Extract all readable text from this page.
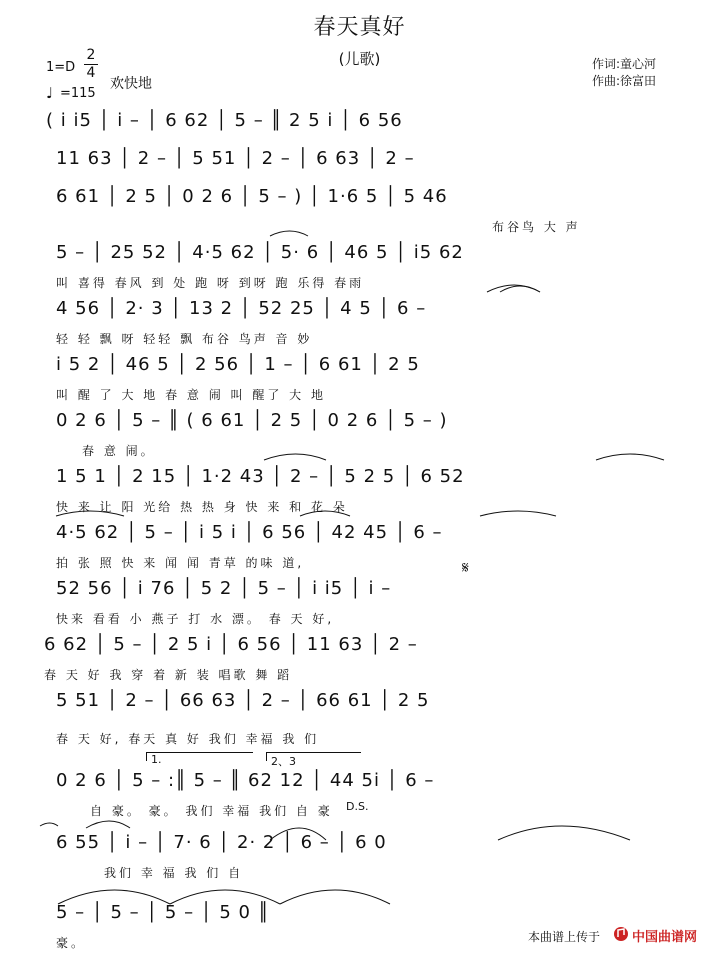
春天真好
(儿歌)
1=D
2
4
♩ =115
欢快地
作词:童心河
作曲:徐富田
( i i5 │ i – │ 6 62 │ 5 – ║ 2 5 i │ 6 56
11 63 │ 2 – │ 5 51 │ 2 – │ 6 63 │ 2 –
6 61 │ 2 5 │ 0 2 6 │ 5 – ) │ 1·6 5 │ 5 46
布谷鸟 大 声
5 – │ 25 52 │ 4·5 62 │ 5· 6 │ 46 5 │ i5 62
叫 喜得 春风 到 处 跑 呀 到呀 跑 乐得 春雨
4 56 │ 2· 3 │ 13 2 │ 52 25 │ 4 5 │ 6 –
轻 轻 飘 呀 轻轻 飘 布谷 鸟声 音 妙
i 5 2 │ 46 5 │ 2 56 │ 1 – │ 6 61 │ 2 5
叫 醒 了 大 地 春 意 闹 叫 醒了 大 地
0 2 6 │ 5 – ║ ( 6 61 │ 2 5 │ 0 2 6 │ 5 – )
春 意 闹。
1 5 1 │ 2 15 │ 1·2 43 │ 2 – │ 5 2 5 │ 6 52
快 来 让 阳 光给 热 热 身 快 来 和 花 朵
4·5 62 │ 5 – │ i 5 i │ 6 56 │ 42 45 │ 6 –
拍 张 照 快 来 闻 闻 青草 的味 道,
52 56 │ i 76 │ 5 2 │ 5 – │ i i5 │ i –
快来 看看 小 燕子 打 水 漂。 春 天 好,
6 62 │ 5 – │ 2 5 i │ 6 56 │ 11 63 │ 2 –
春 天 好 我 穿 着 新 装 唱歌 舞 蹈
5 51 │ 2 – │ 66 63 │ 2 – │ 66 61 │ 2 5
春 天 好, 春天 真 好 我们 幸福 我 们
0 2 6 │ 5 – :║ 5 – ║ 62 12 │ 44 5i │ 6 –
自 豪。 豪。 我们 幸福 我们 自 豪
6 55 │ i – │ 7· 6 │ 2· 2 │ 6 – │ 6 0
我们 幸 福 我 们 自
5 – │ 5 – │ 5 – │ 5 0 ║
豪。
𝄋
D.S.
1.	2、3
本曲谱上传于 中国曲谱网
